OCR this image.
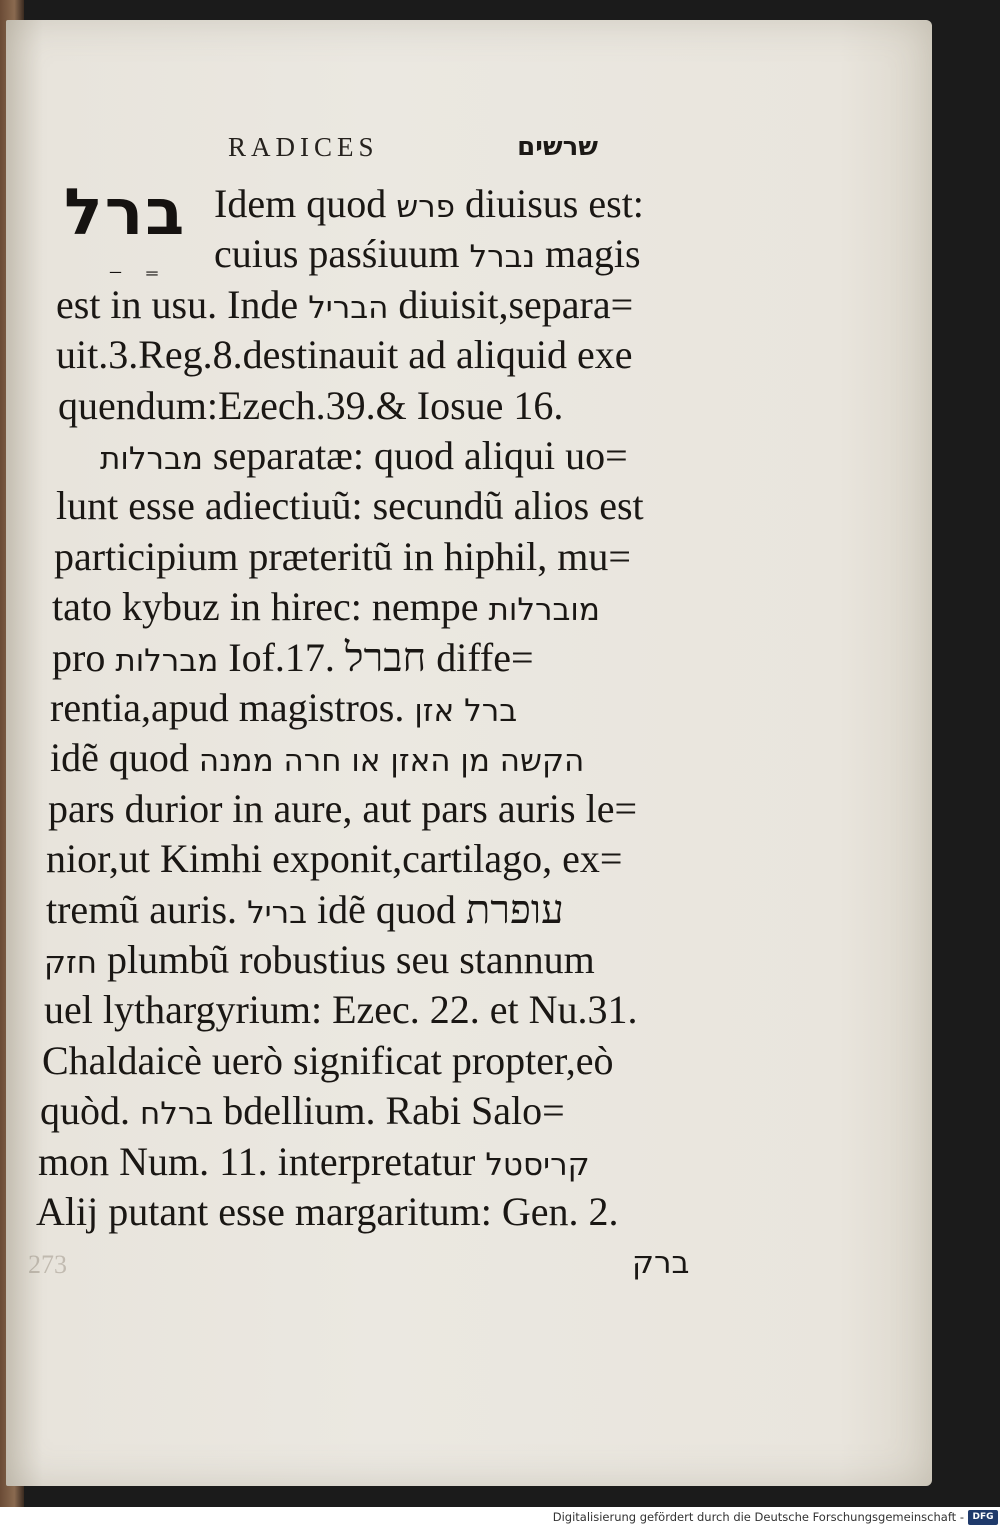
RADICES	שרשים
ברל
_ ‗
Idem quod פרש diuisus est:
cuius pasśiuum נברל magis
est in usu. Inde הבריל diuisit,separa=
uit.3.Reg.8.destinauit ad aliquid exe
quendum:Ezech.39.& Iosue 16.
מברלות separatæ: quod aliqui uo=
lunt esse adiectiuũ: secundũ alios est
participium præteritũ in hiphil, mu=
tato kybuz in hirec: nempe מוברלות
pro מברלות Iof.17. חברל diffe=
rentia,apud magistros. ברל אזן
idẽ quod הקשה מן האזן או חרה ממנה
pars durior in aure, aut pars auris le=
nior,ut Kimhi exponit,cartilago, ex=
tremũ auris. בריל idẽ quod עופרת
חזק plumbũ robustius seu stannum
uel lythargyrium: Ezec. 22. et Nu.31.
Chaldaicè uerò significat propter,eò
quòd. ברלח bdellium. Rabi Salo=
mon Num. 11. interpretatur קריסטל
Alij putant esse margaritum: Gen. 2.
ברק
273
Digitalisierung gefördert durch die Deutsche Forschungsgemeinschaft - DFG
